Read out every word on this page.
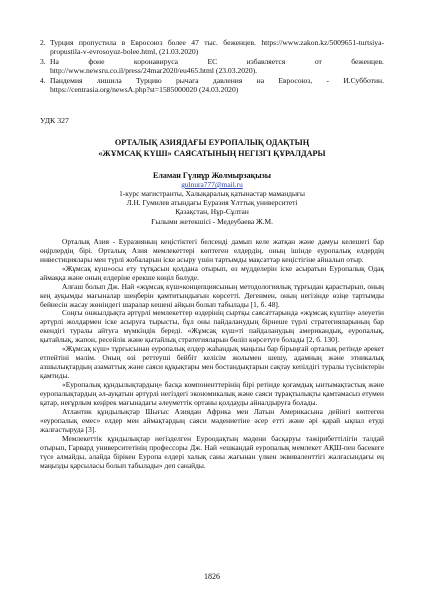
2. Турция пропустила в Евросоюз более 47 тыс. беженцев. https://www.zakon.kz/5009651-turtsiya-propustila-v-evrosoyuz-bolee.html, (21.03.2020)
3. На	фоне	коронавируса	ЕС	избавляется	от	беженцев.
http://www.newsru.co.il/press/24mar2020/eu465.html (23.03.2020).
4. Пандемия лишила Турцию рычага давления на Евросоюз, - И.Субботин. https://centrasia.org/newsA.php?st=1585000020 (24.03.2020)
УДК 327
ОРТАЛЫҚ АЗИЯДАҒЫ ЕУРОПАЛЫҚ ОДАҚТЫҢ
«ЖҰМСАҚ КҮШІ» САЯСАТЫНЫҢ НЕГІЗГІ ҚҰРАЛДАРЫ
Еламан Гүлнұр Жолмырзақызы
gulnura777@mail.ru
1-курс магистранты, Халықаралық қатынастар мамандығы
Л.Н. Гумилев атындағы Еуразия Ұлттық университеті
Қазақстан, Нұр-Сұлтан
Ғылыми жетекшісі - Медеубаева Ж.М.

Орталық Азия - Еуразияның кеңістіктегі белсенді дамып келе жатқан және дамуы келешегі бар өңірлердің бірі. Орталық Азия мемлекеттері көптеген елдердің, оның ішінде еуропалық елдердің инвестициялары мен түрлі жобаларын іске асыру үшін тартымды мақсаттар кеңістігіне айналып отыр.

«Жұмсақ күш»осы ету тұтқасын қолдана отырып, өз мүдделерін іске асыратын Еуропалық Одақ аймаққа және оның елдеріне ерекше көңіл бөлуде.

Алғаш болып Дж. Най «жұмсақ күш»концепциясының методологиялық тұрғыдан қарастырып, оның кең ауқымды мағыналар шеңберін қамтитындығын көрсетті. Дегенмен, оның негізінде өзіңе тартымды бейнесін жасау жөніндегі шаралар кешені айқын болып табылады [1, б. 48].

Соңғы онжылдықта әртүрлі мемлекеттер өздерінің сыртқы саясаттарында «жұмсақ күштің» әлеуетін әртүрлі жолдармен іске асыруға тырысты, бұл оны пайдаланудың бірнеше түрлі стратегияларының бар екендігі туралы айтуға мүмкіндік береді. «Жұмсақ күш»ті пайдаланудың американдық, еуропалық, қытайлық, жапон, ресейлік және қытайлық стратегияларын бөліп көрсетуге болады [2, б. 130].

«Жұмсақ күш» тұрғысынан еуропалық елдер жаһандық маңызы бар бірыңғай орталық ретінде әрекет етпейтіні мәлім. Оның өзі реттеуші бейбіт келісім жолымен шешу, адамның және этникалық азшылықтардың азаматтық және саяси құқықтары мен бостандықтарын сақтау кепілдігі туралы түсініктерін қамтиды.

«Еуропалық құндылықтардың» басқа компоненттерінің бірі ретінде қоғамдық ынтымақтастық және еуропалықтардың әл-ауқатын әртүрлі негіздегі экономикалық және саяси тұрақтылықты қамтамасыз етумен қатар, неғұрлым кеңірек мағынадағы әлеуметтік ортаны қолдауды айналдыруға болады.

Атлантик құндылықтар Шығыс Азиядан Африка мен Латын Америкасына дейінгі көптеген «еуропалық емес» елдер мен аймақтардың саяси мәдениетіне әсер етті және әрі қарай ықпал етуді жалғастыруда [3].

Мемлекеттік құндылықтар негізделген Еуроодақтың мәдени басқаруы тәжірибеттілігін талдай отырып, Гарвард университетінің профессоры Дж. Най «ешкандай еуропалық мемлекет АҚШ-пен бәсекеге түсе алмайды, алайда бірікен Еуропа елдері халық саны жағынан үлкен эквиваленттігі жалғасындағы ең маңызды қарсыласы болып табылады» деп санайды.

1826
